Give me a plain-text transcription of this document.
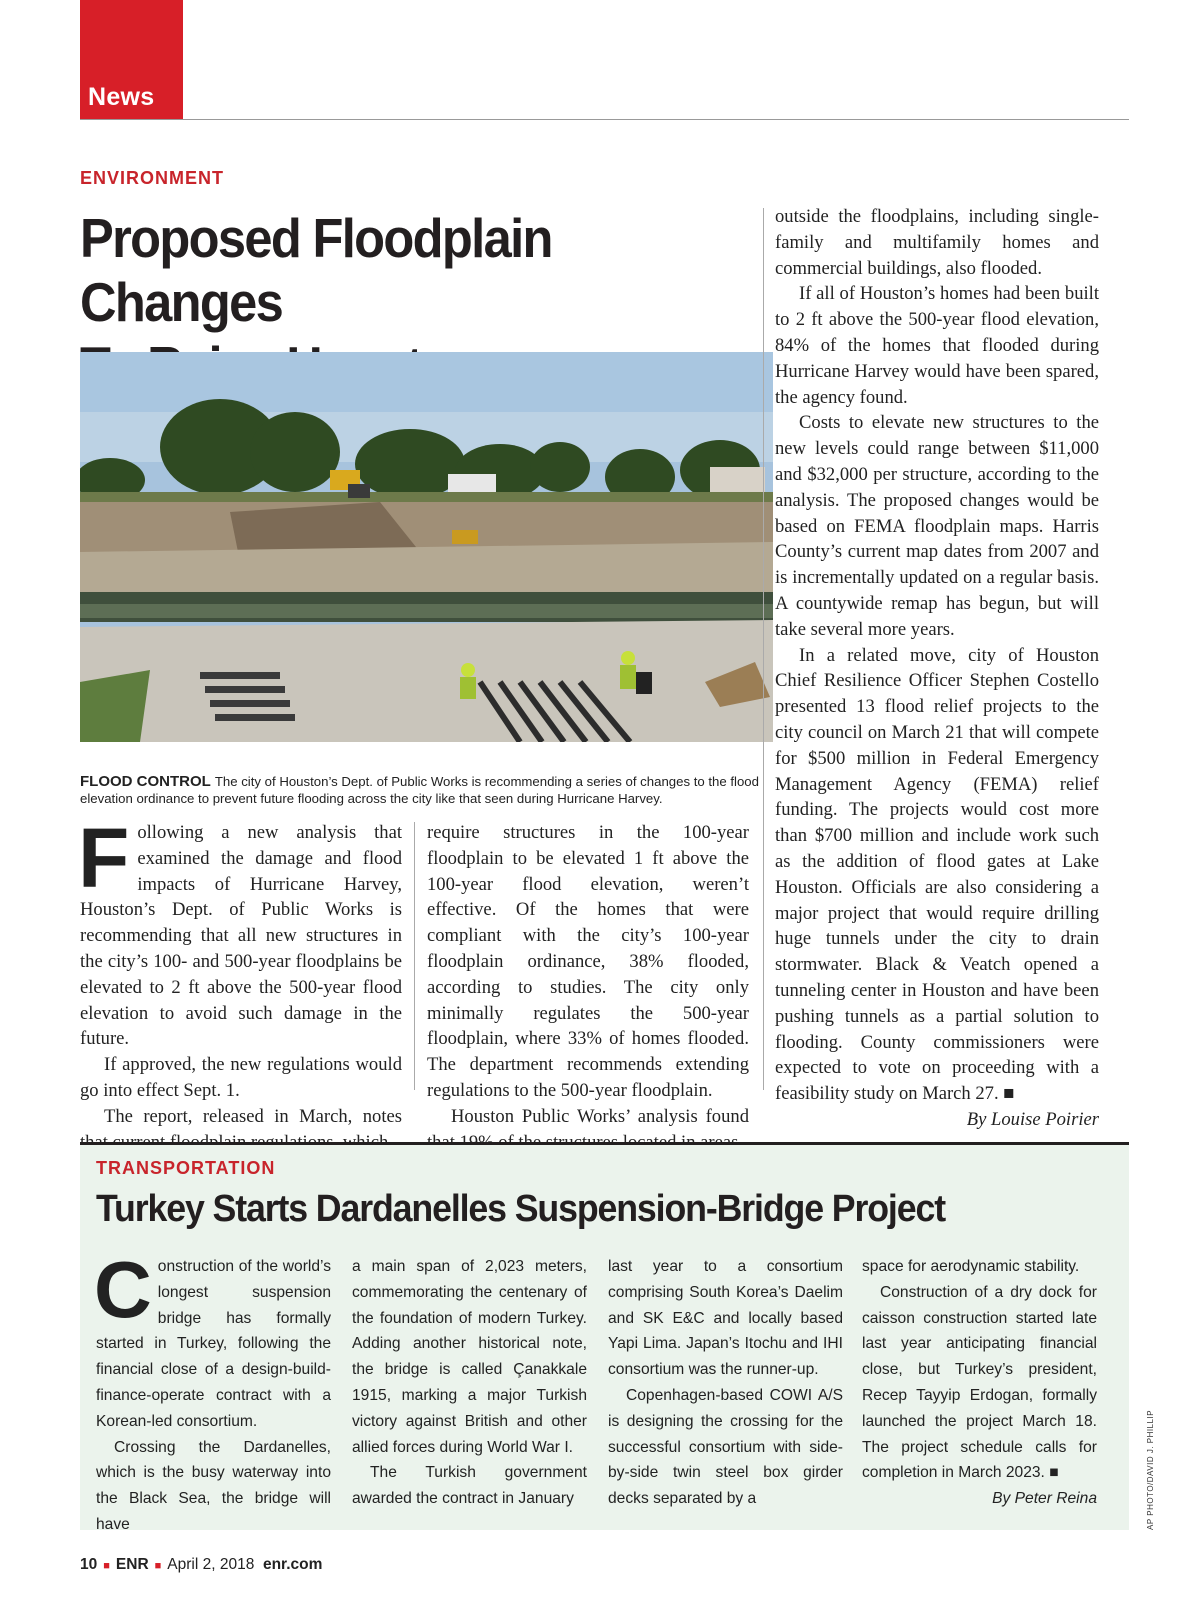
News
ENVIRONMENT
Proposed Floodplain Changes
FLOOD CONTROL The city of Houston’s Dept. of Public Works is recommending a series of changes to the flood elevation ordinance to prevent future flooding across the city like that seen during Hurricane Harvey.
F ollowing a new analysis that examined the damage and flood impacts of Hurricane Harvey, Houston’s Dept. of Public Works is recommending that all new structures in the city’s 100- and 500-year floodplains be elevated to 2 ft above the 500-year flood elevation to avoid such damage in the future.

If approved, the new regulations would go into effect Sept. 1.

The report, released in March, notes

require structures in the 100-year floodplain to be elevated 1 ft above the 100-year flood elevation, weren’t effective. Of the homes that were compliant with the city’s 100-year floodplain ordinance, 38% flooded, according to studies. The city only minimally regulates the 500-year floodplain, where 33% of homes flooded. The department recommends extending regulations to the 500-year floodplain.

Houston Public Works’ analysis found

outside the floodplains, including single-family and multifamily homes and commercial buildings, also flooded.

If all of Houston’s homes had been built to 2 ft above the 500-year flood elevation, 84% of the homes that flooded during Hurricane Harvey would have been spared, the agency found.

Costs to elevate new structures to the new levels could range between $11,000 and $32,000 per structure, according to the analysis. The proposed changes would be based on FEMA floodplain maps. Harris County’s current map dates from 2007 and is incrementally updated on a regular basis. A countywide remap has begun, but will take several more years.

In a related move, city of Houston Chief Resilience Officer Stephen Costello presented 13 flood relief projects to the city council on March 21 that will compete for $500 million in Federal Emergency Management Agency (FEMA) relief funding. The projects would cost more than $700 million and include work such as the addition of flood gates at Lake Houston. Officials are also considering a major project that would require drilling huge tunnels under the city to drain stormwater. Black & Veatch opened a tunneling center in Houston and have been pushing tunnels as a partial solution to flooding. County commissioners were expected to vote on proceeding with a feasibility study on March 27. ■

By Louise Poirier
TRANSPORTATION
Turkey Starts Dardanelles Suspension-Bridge Project
C onstruction of the world’s longest suspension bridge has formally started in Turkey, following the financial close of a design-build-finance-operate contract with a Korean-led consortium.

Crossing the Dardanelles, which is the busy waterway into the Black Sea, the bridge will have

a main span of 2,023 meters, commemorating the centenary of the foundation of modern Turkey. Adding another historical note, the bridge is called Çanakkale 1915, marking a major Turkish victory against British and other allied forces during World War I.

The Turkish government awarded the contract in January

last year to a consortium comprising South Korea’s Daelim and SK E&C and locally based Yapi Lima. Japan’s Itochu and IHI consortium was the runner-up.

Copenhagen-based COWI A/S is designing the crossing for the successful consortium with side-by-side twin steel box girder decks separated by a

space for aerodynamic stability.

Construction of a dry dock for caisson construction started late last year anticipating financial close, but Turkey’s president, Recep Tayyip Erdogan, formally launched the project March 18. The project schedule calls for completion in March 2023. ■

By Peter Reina	AP PHOTO/DAVID J. PHILLIP
10 ■ ENR ■ April 2, 2018 enr.com
